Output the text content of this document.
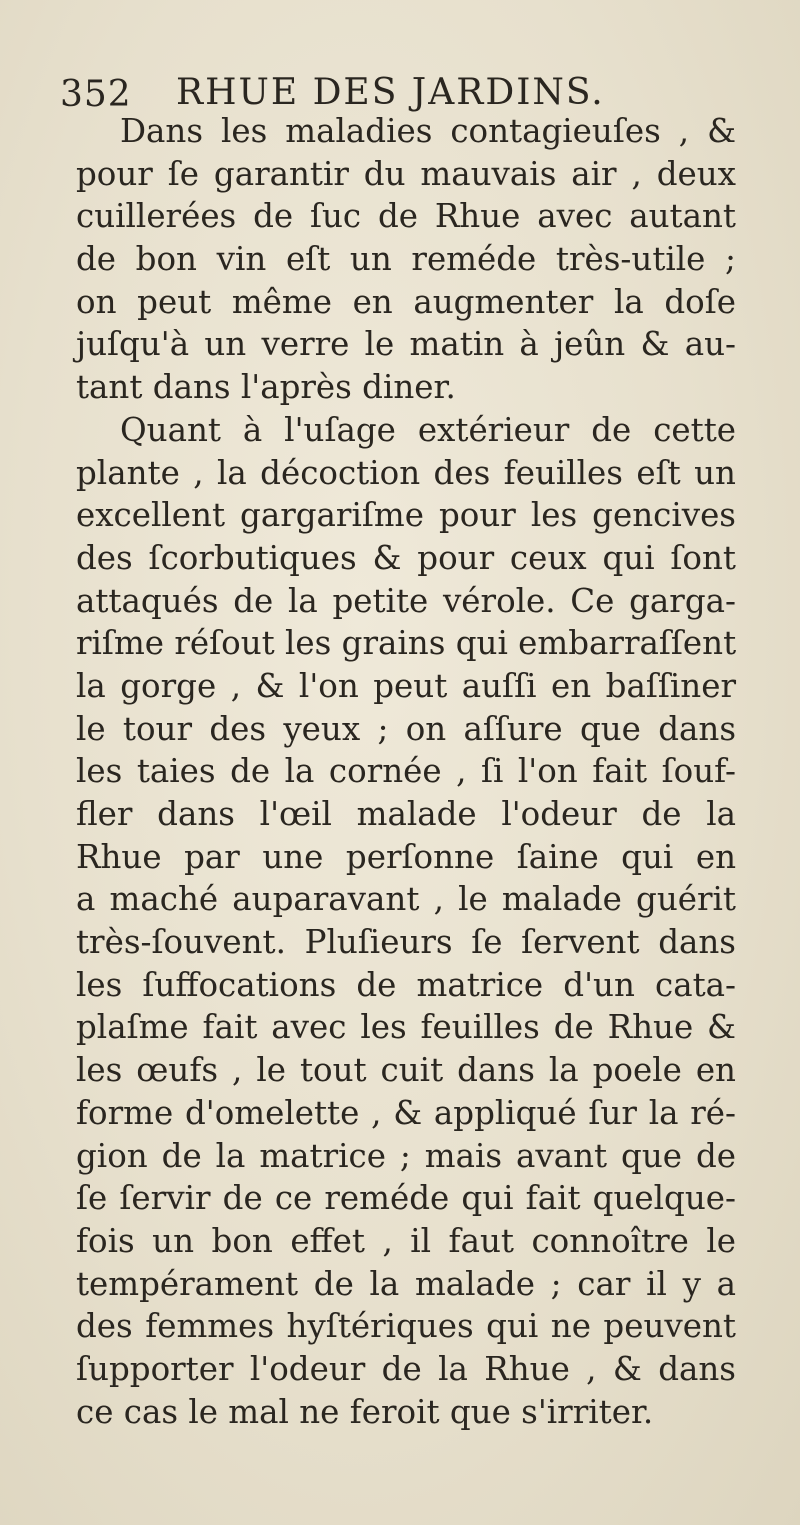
352 RHUE DES JARDINS.
Dans les maladies contagieuſes , &
pour ſe garantir du mauvais air , deux
cuillerées de ſuc de Rhue avec autant
de bon vin eſt un reméde très-utile ;
on peut même en augmenter la doſe
juſqu'à un verre le matin à jeûn & au-
tant dans l'après diner.
Quant à l'uſage extérieur de cette
plante , la décoction des feuilles eſt un
excellent gargariſme pour les gencives
des ſcorbutiques & pour ceux qui ſont
attaqués de la petite vérole. Ce garga-
riſme réſout les grains qui embarraſſent
la gorge , & l'on peut auſſi en baſſiner
le tour des yeux ; on aſſure que dans
les taies de la cornée , ſi l'on fait ſouf-
fler dans l'œil malade l'odeur de la
Rhue par une perſonne ſaine qui en
a maché auparavant , le malade guérit
très-ſouvent. Pluſieurs ſe ſervent dans
les ſuffocations de matrice d'un cata-
plaſme fait avec les feuilles de Rhue &
les œufs , le tout cuit dans la poele en
forme d'omelette , & appliqué ſur la ré-
gion de la matrice ; mais avant que de
ſe ſervir de ce reméde qui fait quelque-
fois un bon effet , il faut connoître le
tempérament de la malade ; car il y a
des femmes hyſtériques qui ne peuvent
ſupporter l'odeur de la Rhue , & dans
ce cas le mal ne feroit que s'irriter.
